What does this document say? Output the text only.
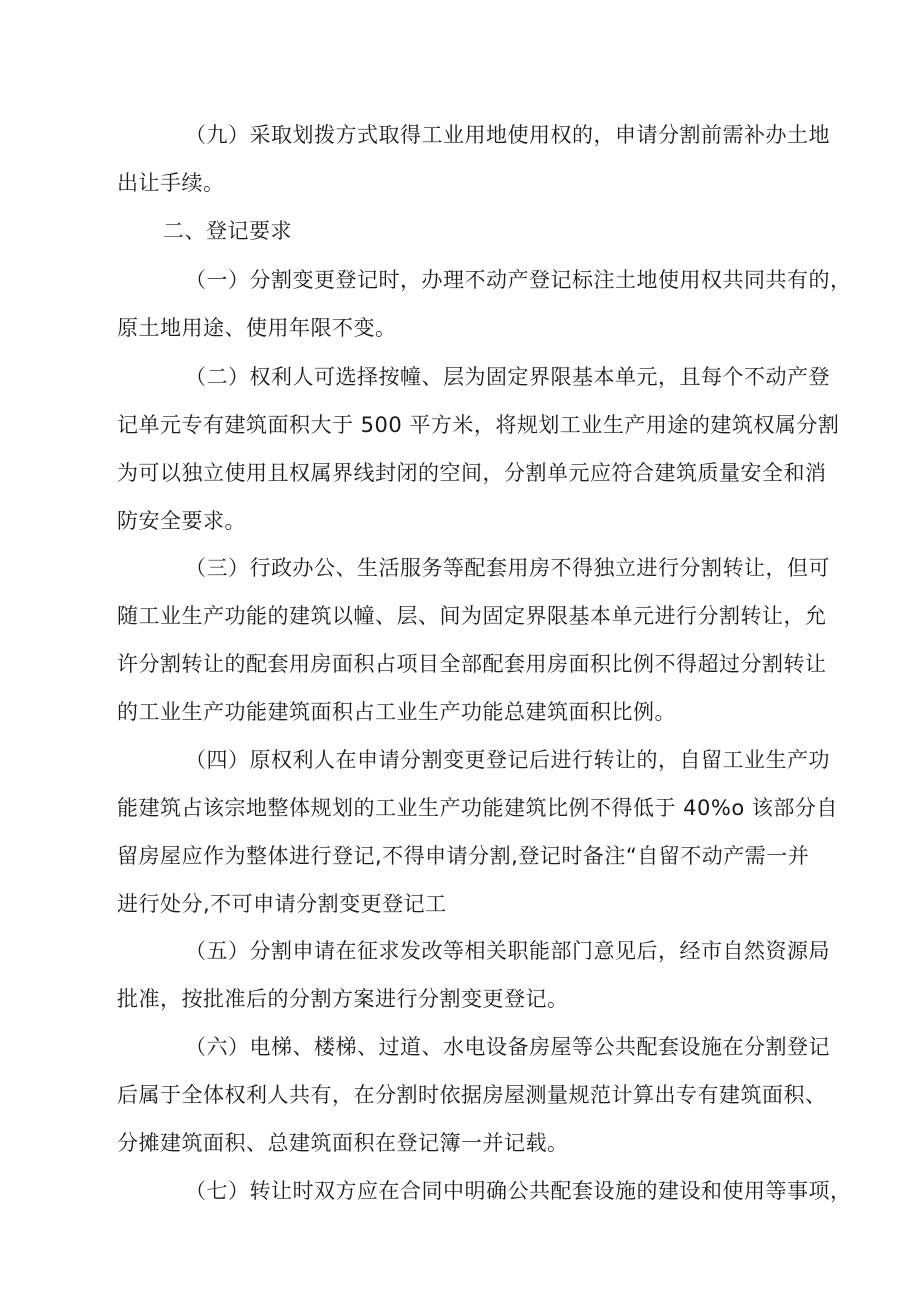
（九）采取划拨方式取得工业用地使用权的，申请分割前需补办土地
出让手续。
二、登记要求
（一）分割变更登记时，办理不动产登记标注土地使用权共同共有的，
原土地用途、使用年限不变。
（二）权利人可选择按幢、层为固定界限基本单元，且每个不动产登
记单元专有建筑面积大于 500 平方米，将规划工业生产用途的建筑权属分割
为可以独立使用且权属界线封闭的空间，分割单元应符合建筑质量安全和消
防安全要求。
（三）行政办公、生活服务等配套用房不得独立进行分割转让，但可
随工业生产功能的建筑以幢、层、间为固定界限基本单元进行分割转让，允
许分割转让的配套用房面积占项目全部配套用房面积比例不得超过分割转让
的工业生产功能建筑面积占工业生产功能总建筑面积比例。
（四）原权利人在申请分割变更登记后进行转让的，自留工业生产功
能建筑占该宗地整体规划的工业生产功能建筑比例不得低于 40%o 该部分自
留房屋应作为整体进行登记,不得申请分割,登记时备注“自留不动产需一并
进行处分,不可申请分割变更登记工
（五）分割申请在征求发改等相关职能部门意见后，经市自然资源局
批准，按批准后的分割方案进行分割变更登记。
（六）电梯、楼梯、过道、水电设备房屋等公共配套设施在分割登记
后属于全体权利人共有，在分割时依据房屋测量规范计算出专有建筑面积、
分摊建筑面积、总建筑面积在登记簿一并记载。
（七）转让时双方应在合同中明确公共配套设施的建设和使用等事项，
